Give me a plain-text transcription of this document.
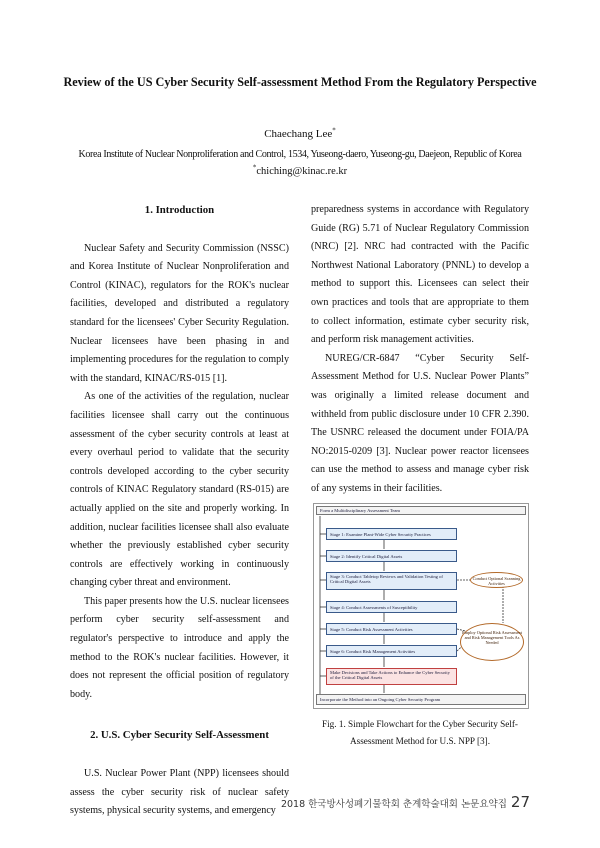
Review of the US Cyber Security Self-assessment Method From the Regulatory Perspective
Chaechang Lee*
Korea Institute of Nuclear Nonproliferation and Control, 1534, Yuseong-daero, Yuseong-gu, Daejeon, Republic of Korea
*chiching@kinac.re.kr
1. Introduction

Nuclear Safety and Security Commission (NSSC) and Korea Institute of Nuclear Nonproliferation and Control (KINAC), regulators for the ROK's nuclear facilities, developed and distributed a regulatory standard for the licensees' Cyber Security Regulation. Nuclear licensees have been phasing in and implementing procedures for the regulation to comply with the standard, KINAC/RS-015 [1].

As one of the activities of the regulation, nuclear facilities licensee shall carry out the continuous assessment of the cyber security controls at least at every overhaul period to validate that the security controls developed according to the cyber security controls of KINAC Regulatory standard (RS-015) are actually applied on the site and properly working. In addition, nuclear facilities licensee shall also evaluate whether the previously established cyber security controls are effectively working in continuously changing cyber threat and environment.

This paper presents how the U.S. nuclear licensees perform cyber security self-assessment and regulator's perspective to introduce and apply the method to the ROK's nuclear facilities. However, it does not represent the official position of regulatory body.

2. U.S. Cyber Security Self-Assessment

U.S. Nuclear Power Plant (NPP) licensees should assess the cyber security risk of nuclear safety systems, physical security systems, and emergency

preparedness systems in accordance with Regulatory Guide (RG) 5.71 of Nuclear Regulatory Commission (NRC) [2]. NRC had contracted with the Pacific Northwest National Laboratory (PNNL) to develop a method to support this. Licensees can select their own practices and tools that are appropriate to them to collect information, estimate cyber security risk, and perform risk management activities.

NUREG/CR-6847 “Cyber Security Self-Assessment Method for U.S. Nuclear Power Plants” was originally a limited release document and withheld from public disclosure under 10 CFR 2.390. The USNRC released the document under FOIA/PA NO:2015-0209 [3]. Nuclear power reactor licensees can use the method to assess and manage cyber risk of any systems in their facilities.

Form a Multidisciplinary Assessment Team
Stage 1: Examine Plant-Wide Cyber Security Practices
Stage 2: Identify Critical Digital Assets
Stage 3: Conduct Tabletop Reviews and Validation Testing of Critical Digital Assets
Stage 4: Conduct Assessments of Susceptibility
Stage 5: Conduct Risk Assessment Activities
Stage 6: Conduct Risk Management Activities
Make Decisions and Take Actions to Enhance the Cyber Security of the Critical Digital Assets
Incorporate the Method into an Ongoing Cyber Security Program
Conduct Optional Scanning Activities
Employ Optional Risk Assessment and Risk Management Tools As Needed
Fig. 1. Simple Flowchart for the Cyber Security Self-Assessment Method for U.S. NPP [3].
2018 한국방사성폐기물학회 춘계학술대회 논문요약집 27
